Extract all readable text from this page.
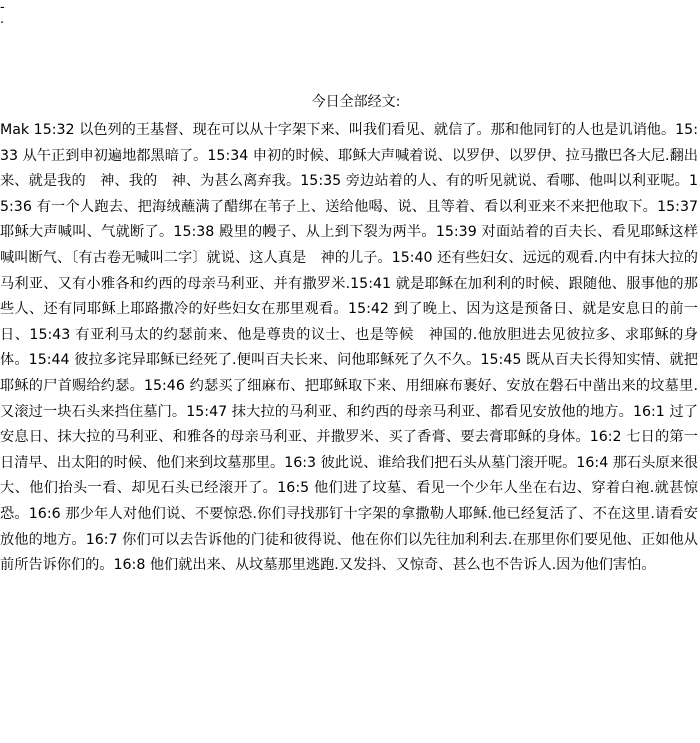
-
·
今日全部经文:

Mak 15:32 以色列的王基督、现在可以从十字架下来、叫我们看见、就信了。那和他同钉的人也是讥诮他。15:33 从午正到申初遍地都黑暗了。15:34 申初的时候、耶稣大声喊着说、以罗伊、以罗伊、拉马撒巴各大尼.翻出来、就是我的　神、我的　神、为甚么离弃我。15:35 旁边站着的人、有的听见就说、看哪、他叫以利亚呢。15:36 有一个人跑去、把海绒蘸满了醋绑在苇子上、送给他喝、说、且等着、看以利亚来不来把他取下。15:37 耶稣大声喊叫、气就断了。15:38 殿里的幔子、从上到下裂为两半。15:39 对面站着的百夫长、看见耶稣这样喊叫断气、〔有古卷无喊叫二字〕就说、这人真是　神的儿子。15:40 还有些妇女、远远的观看.内中有抹大拉的马利亚、又有小雅各和约西的母亲马利亚、并有撒罗米.15:41 就是耶稣在加利利的时候、跟随他、服事他的那些人、还有同耶稣上耶路撒冷的好些妇女在那里观看。15:42 到了晚上、因为这是预备日、就是安息日的前一日、15:43 有亚利马太的约瑟前来、他是尊贵的议士、也是等候　神国的.他放胆进去见彼拉多、求耶稣的身体。15:44 彼拉多诧异耶稣已经死了.便叫百夫长来、问他耶稣死了久不久。15:45 既从百夫长得知实情、就把耶稣的尸首赐给约瑟。15:46 约瑟买了细麻布、把耶稣取下来、用细麻布裹好、安放在磐石中凿出来的坟墓里.又滚过一块石头来挡住墓门。15:47 抹大拉的马利亚、和约西的母亲马利亚、都看见安放他的地方。16:1 过了安息日、抹大拉的马利亚、和雅各的母亲马利亚、并撒罗米、买了香膏、要去膏耶稣的身体。16:2 七日的第一日清早、出太阳的时候、他们来到坟墓那里。16:3 彼此说、谁给我们把石头从墓门滚开呢。16:4 那石头原来很大、他们抬头一看、却见石头已经滚开了。16:5 他们进了坟墓、看见一个少年人坐在右边、穿着白袍.就甚惊恐。16:6 那少年人对他们说、不要惊恐.你们寻找那钉十字架的拿撒勒人耶稣.他已经复活了、不在这里.请看安放他的地方。16:7 你们可以去告诉他的门徒和彼得说、他在你们以先往加利利去.在那里你们要见他、正如他从前所告诉你们的。16:8 他们就出来、从坟墓那里逃跑.又发抖、又惊奇、甚么也不告诉人.因为他们害怕。
